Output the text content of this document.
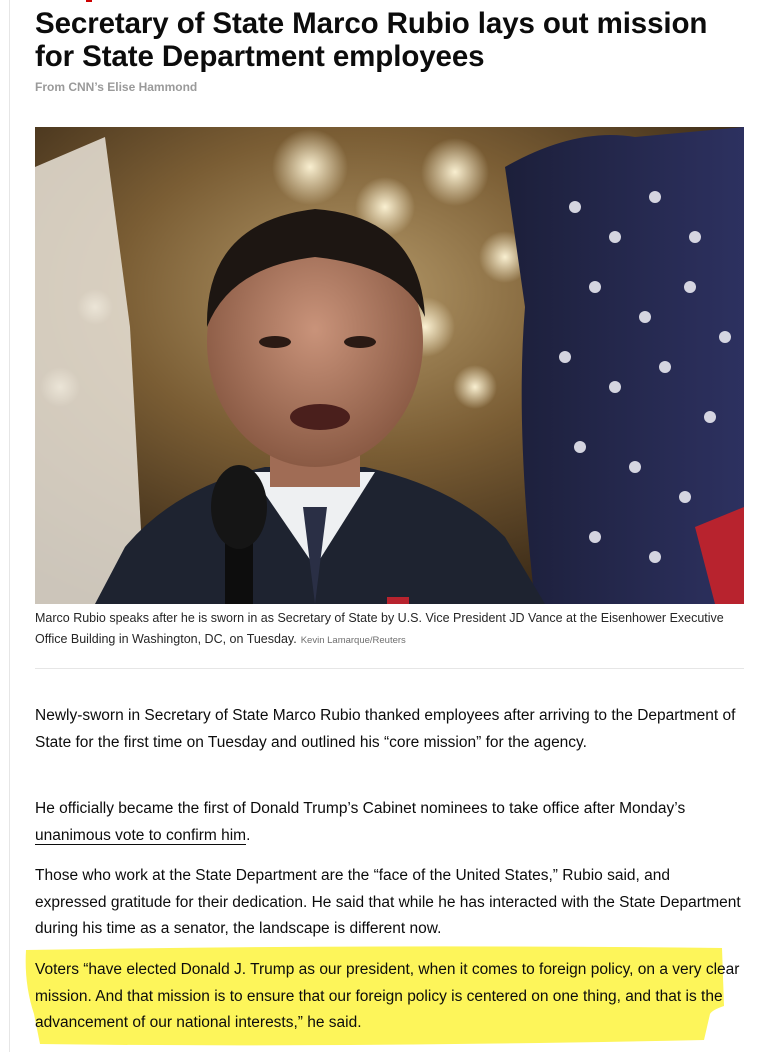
Secretary of State Marco Rubio lays out mission for State Department employees

From CNN’s Elise Hammond

Marco Rubio speaks after he is sworn in as Secretary of State by U.S. Vice President JD Vance at the Eisenhower Executive Office Building in Washington, DC, on Tuesday. Kevin Lamarque/Reuters

Newly-sworn in Secretary of State Marco Rubio thanked employees after arriving to the Department of State for the first time on Tuesday and outlined his “core mission” for the agency.

He officially became the first of Donald Trump’s Cabinet nominees to take office after Monday’s unanimous vote to confirm him.

Those who work at the State Department are the “face of the United States,” Rubio said, and expressed gratitude for their dedication. He said that while he has interacted with the State Department during his time as a senator, the landscape is different now.

Voters “have elected Donald J. Trump as our president, when it comes to foreign policy, on a very clear mission. And that mission is to ensure that our foreign policy is centered on one thing, and that is the advancement of our national interests,” he said.
